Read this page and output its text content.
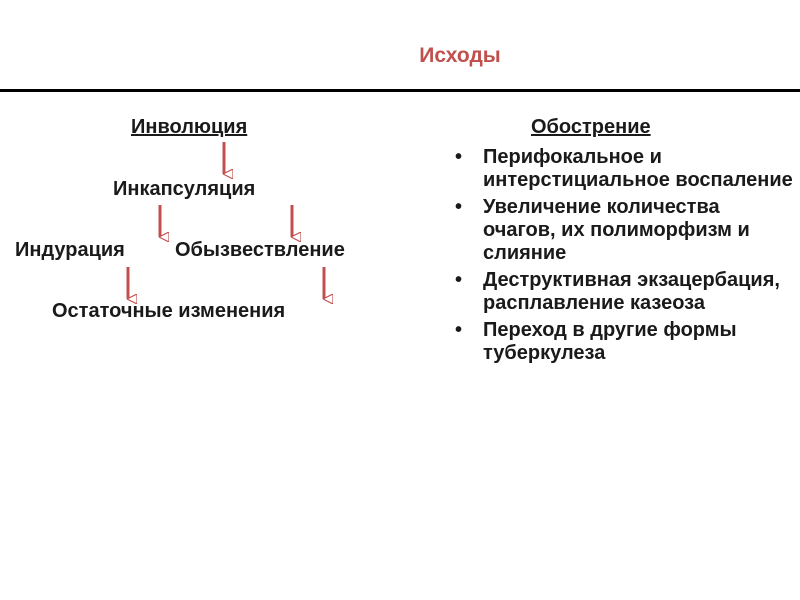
Исходы
Инволюция
Инкапсуляция
Индурация	Обызвествление
Остаточные изменения
Обострение
• Перифокальное и интерстициальное воспаление
• Увеличение количества очагов, их полиморфизм и слияние
• Деструктивная экзацербация, расплавление казеоза
• Переход в другие формы туберкулеза
